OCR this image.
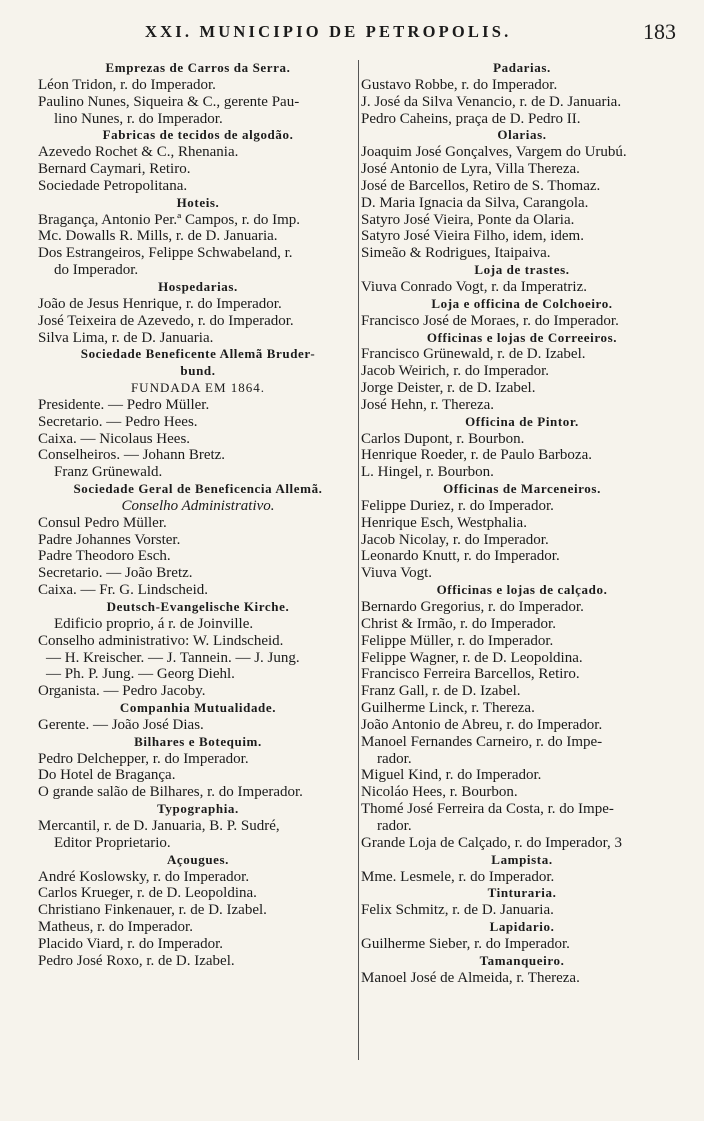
XXI. MUNICIPIO DE PETROPOLIS.	183
Emprezas de Carros da Serra.
Léon Tridon, r. do Imperador.
Paulino Nunes, Siqueira & C., gerente Pau-
lino Nunes, r. do Imperador.
Fabricas de tecidos de algodão.
Azevedo Rochet & C., Rhenania.
Bernard Caymari, Retiro.
Sociedade Petropolitana.
Hoteis.
Bragança, Antonio Per.ª Campos, r. do Imp.
Mc. Dowalls R. Mills, r. de D. Januaria.
Dos Estrangeiros, Felippe Schwabeland, r.
do Imperador.
Hospedarias.
João de Jesus Henrique, r. do Imperador.
José Teixeira de Azevedo, r. do Imperador.
Silva Lima, r. de D. Januaria.
Sociedade Beneficente Allemã Bruder-
bund.
FUNDADA EM 1864.
Presidente. — Pedro Müller.
Secretario. — Pedro Hees.
Caixa. — Nicolaus Hees.
Conselheiros. — Johann Bretz.
Franz Grünewald.
Sociedade Geral de Beneficencia Allemã.
Conselho Administrativo.
Consul Pedro Müller.
Padre Johannes Vorster.
Padre Theodoro Esch.
Secretario. — João Bretz.
Caixa. — Fr. G. Lindscheid.
Deutsch-Evangelische Kirche.
Edificio proprio, á r. de Joinville.
Conselho administrativo: W. Lindscheid.
— H. Kreischer. — J. Tannein. — J. Jung.
— Ph. P. Jung. — Georg Diehl.
Organista. — Pedro Jacoby.
Companhia Mutualidade.
Gerente. — João José Dias.
Bilhares e Botequim.
Pedro Delchepper, r. do Imperador.
Do Hotel de Bragança.
O grande salão de Bilhares, r. do Imperador.
Typographia.
Mercantil, r. de D. Januaria, B. P. Sudré,
Editor Proprietario.
Açougues.
André Koslowsky, r. do Imperador.
Carlos Krueger, r. de D. Leopoldina.
Christiano Finkenauer, r. de D. Izabel.
Matheus, r. do Imperador.
Placido Viard, r. do Imperador.
Pedro José Roxo, r. de D. Izabel.
Padarias.
Gustavo Robbe, r. do Imperador.
J. José da Silva Venancio, r. de D. Januaria.
Pedro Caheins, praça de D. Pedro II.
Olarias.
Joaquim José Gonçalves, Vargem do Urubú.
José Antonio de Lyra, Villa Thereza.
José de Barcellos, Retiro de S. Thomaz.
D. Maria Ignacia da Silva, Carangola.
Satyro José Vieira, Ponte da Olaria.
Satyro José Vieira Filho, idem, idem.
Simeão & Rodrigues, Itaipaiva.
Loja de trastes.
Viuva Conrado Vogt, r. da Imperatriz.
Loja e officina de Colchoeiro.
Francisco José de Moraes, r. do Imperador.
Officinas e lojas de Correeiros.
Francisco Grünewald, r. de D. Izabel.
Jacob Weirich, r. do Imperador.
Jorge Deister, r. de D. Izabel.
José Hehn, r. Thereza.
Officina de Pintor.
Carlos Dupont, r. Bourbon.
Henrique Roeder, r. de Paulo Barboza.
L. Hingel, r. Bourbon.
Officinas de Marceneiros.
Felippe Duriez, r. do Imperador.
Henrique Esch, Westphalia.
Jacob Nicolay, r. do Imperador.
Leonardo Knutt, r. do Imperador.
Viuva Vogt.
Officinas e lojas de calçado.
Bernardo Gregorius, r. do Imperador.
Christ & Irmão, r. do Imperador.
Felippe Müller, r. do Imperador.
Felippe Wagner, r. de D. Leopoldina.
Francisco Ferreira Barcellos, Retiro.
Franz Gall, r. de D. Izabel.
Guilherme Linck, r. Thereza.
João Antonio de Abreu, r. do Imperador.
Manoel Fernandes Carneiro, r. do Impe-
rador.
Miguel Kind, r. do Imperador.
Nicoláo Hees, r. Bourbon.
Thomé José Ferreira da Costa, r. do Impe-
rador.
Grande Loja de Calçado, r. do Imperador, 3
Lampista.
Mme. Lesmele, r. do Imperador.
Tinturaria.
Felix Schmitz, r. de D. Januaria.
Lapidario.
Guilherme Sieber, r. do Imperador.
Tamanqueiro.
Manoel José de Almeida, r. Thereza.
